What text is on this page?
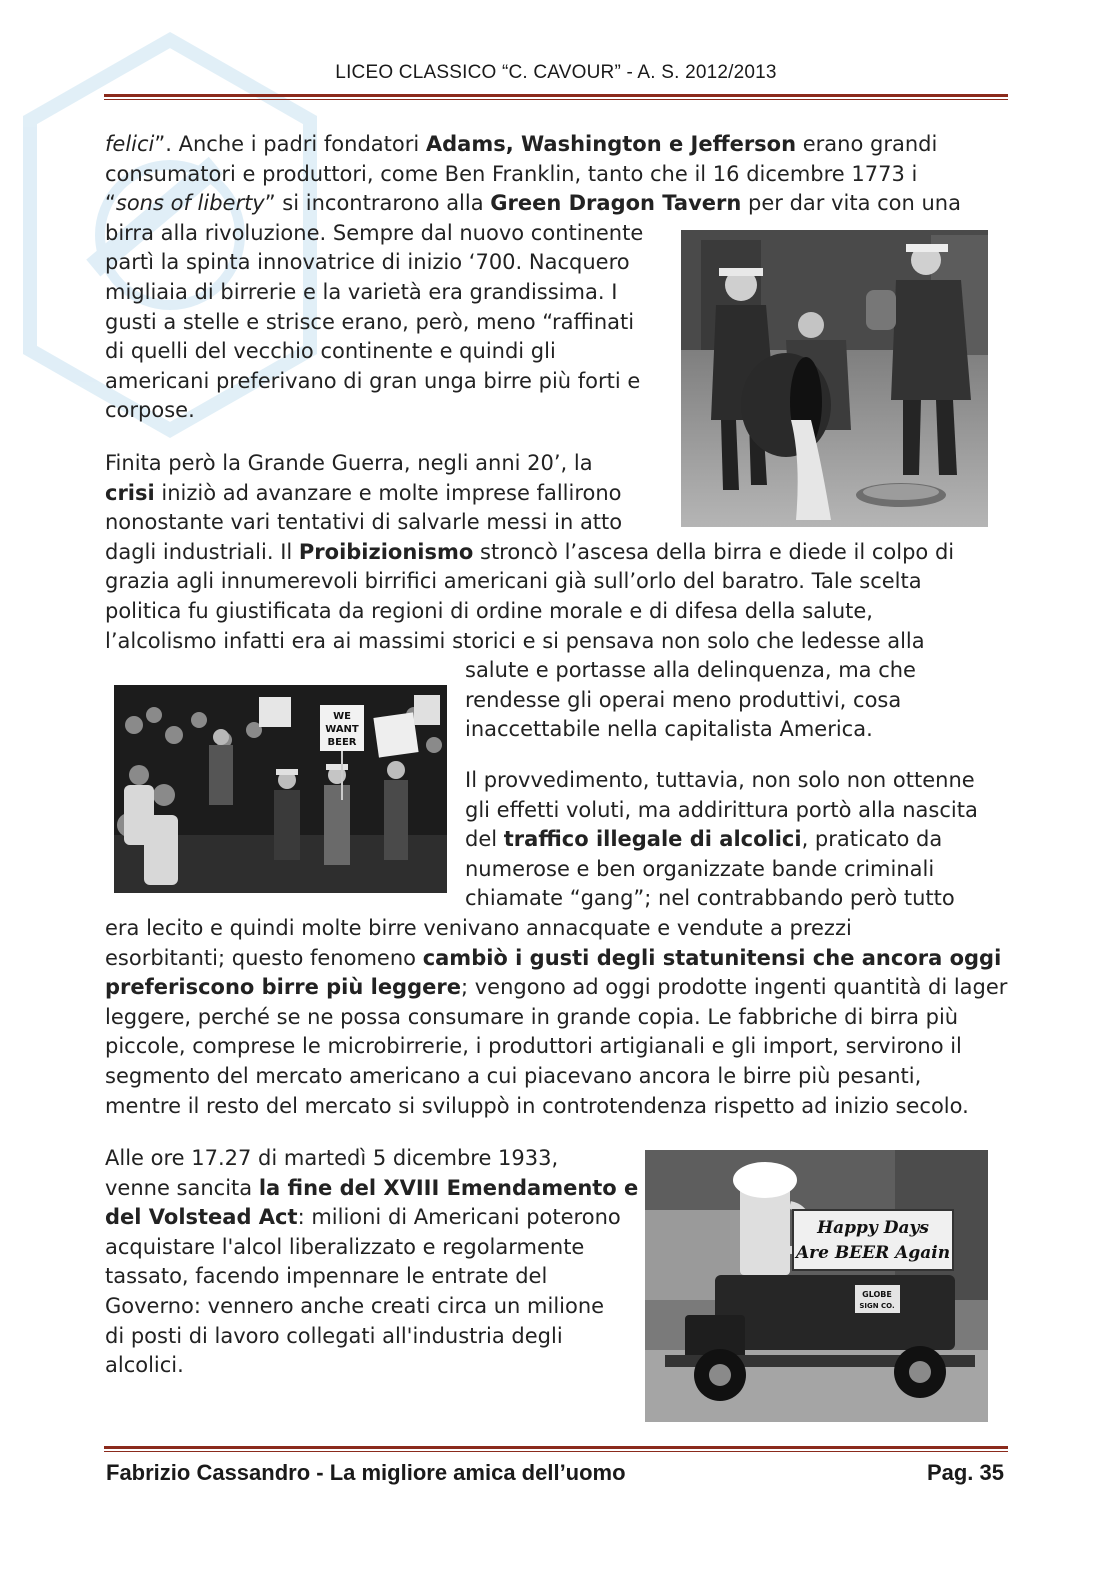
LICEO CLASSICO “C. CAVOUR” - A. S. 2012/2013
felici”. Anche i padri fondatori Adams, Washington e Jefferson erano grandi
consumatori e produttori, come Ben Franklin, tanto che il 16 dicembre 1773 i
“sons of liberty” si incontrarono alla Green Dragon Tavern per dar vita con una
birra alla rivoluzione. Sempre dal nuovo continente
partì la spinta innovatrice di inizio ‘700. Nacquero
migliaia di birrerie e la varietà era grandissima. I
gusti a stelle e strisce erano, però, meno “raffinati
di quelli del vecchio continente e quindi gli
americani preferivano di gran unga birre più forti e
corpose.
Finita però la Grande Guerra, negli anni 20’, la
crisi iniziò ad avanzare e molte imprese fallirono
nonostante vari tentativi di salvarle messi in atto
dagli industriali. Il Proibizionismo stroncò l’ascesa della birra e diede il colpo di
grazia agli innumerevoli birrifici americani già sull’orlo del baratro. Tale scelta
politica fu giustificata da regioni di ordine morale e di difesa della salute,
l’alcolismo infatti era ai massimi storici e si pensava non solo che ledesse alla
salute e portasse alla delinquenza, ma che
rendesse gli operai meno produttivi, cosa
inaccettabile nella capitalista America.
Il provvedimento, tuttavia, non solo non ottenne
gli effetti voluti, ma addirittura portò alla nascita
del traffico illegale di alcolici, praticato da
numerose e ben organizzate bande criminali
chiamate “gang”; nel contrabbando però tutto
era lecito e quindi molte birre venivano annacquate e vendute a prezzi
esorbitanti; questo fenomeno cambiò i gusti degli statunitensi che ancora oggi
preferiscono birre più leggere; vengono ad oggi prodotte ingenti quantità di lager
leggere, perché se ne possa consumare in grande copia. Le fabbriche di birra più
piccole, comprese le microbirrerie, i produttori artigianali e gli import, servirono il
segmento del mercato americano a cui piacevano ancora le birre più pesanti,
mentre il resto del mercato si sviluppò in controtendenza rispetto ad inizio secolo.
Alle ore 17.27 di martedì 5 dicembre 1933,
venne sancita la fine del XVIII Emendamento e
del Volstead Act: milioni di Americani poterono
acquistare l'alcol liberalizzato e regolarmente
tassato, facendo impennare le entrate del
Governo: vennero anche creati circa un milione
di posti di lavoro collegati all'industria degli
alcolici.
WE
WANT
BEER
Happy Days
Are BEER Again
GLOBE
SIGN CO.
Fabrizio Cassandro - La migliore amica dell’uomo	Pag. 35
